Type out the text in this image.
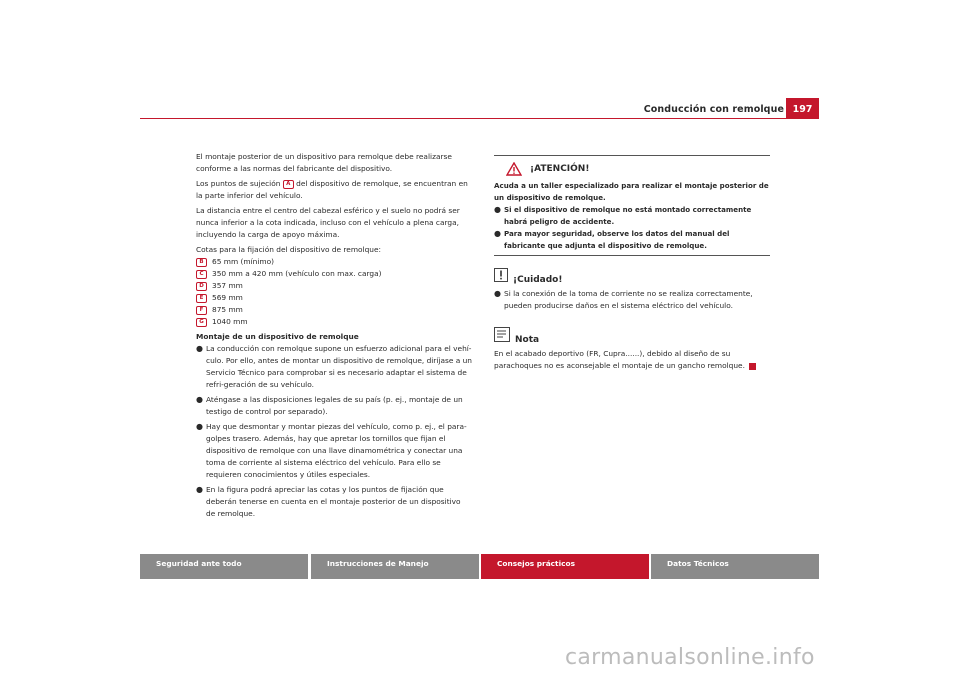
Conducción con remolque 197
El montaje posterior de un dispositivo para remolque debe realizarse conforme a las normas del fabricante del dispositivo.
Los puntos de sujeción A del dispositivo de remolque, se encuentran en la parte inferior del vehículo.
La distancia entre el centro del cabezal esférico y el suelo no podrá ser nunca inferior a la cota indicada, incluso con el vehículo a plena carga, incluyendo la carga de apoyo máxima.
Cotas para la fijación del dispositivo de remolque:
B	65 mm (mínimo)
C	350 mm a 420 mm (vehículo con max. carga)
D	357 mm
E	569 mm
F	875 mm
G	1040 mm
Montaje de un dispositivo de remolque
● La conducción con remolque supone un esfuerzo adicional para el vehí-culo. Por ello, antes de montar un dispositivo de remolque, diríjase a un Servicio Técnico para comprobar si es necesario adaptar el sistema de refri-geración de su vehículo.
● Aténgase a las disposiciones legales de su país (p. ej., montaje de un testigo de control por separado).
● Hay que desmontar y montar piezas del vehículo, como p. ej., el para-golpes trasero. Además, hay que apretar los tornillos que fijan el dispositivo de remolque con una llave dinamométrica y conectar una toma de corriente al sistema eléctrico del vehículo. Para ello se requieren conocimientos y útiles especiales.
● En la figura podrá apreciar las cotas y los puntos de fijación que deberán tenerse en cuenta en el montaje posterior de un dispositivo de remolque.
¡ATENCIÓN!
Acuda a un taller especializado para realizar el montaje posterior de un dispositivo de remolque.
● Si el dispositivo de remolque no está montado correctamente habrá peligro de accidente.
● Para mayor seguridad, observe los datos del manual del fabricante que adjunta el dispositivo de remolque.
¡Cuidado!
● Si la conexión de la toma de corriente no se realiza correctamente, pueden producirse daños en el sistema eléctrico del vehículo.
Nota
En el acabado deportivo (FR, Cupra......), debido al diseño de su parachoques no es aconsejable el montaje de un gancho remolque.
Seguridad ante todo	Instrucciones de Manejo	Consejos prácticos	Datos Técnicos
carmanualsonline.info
